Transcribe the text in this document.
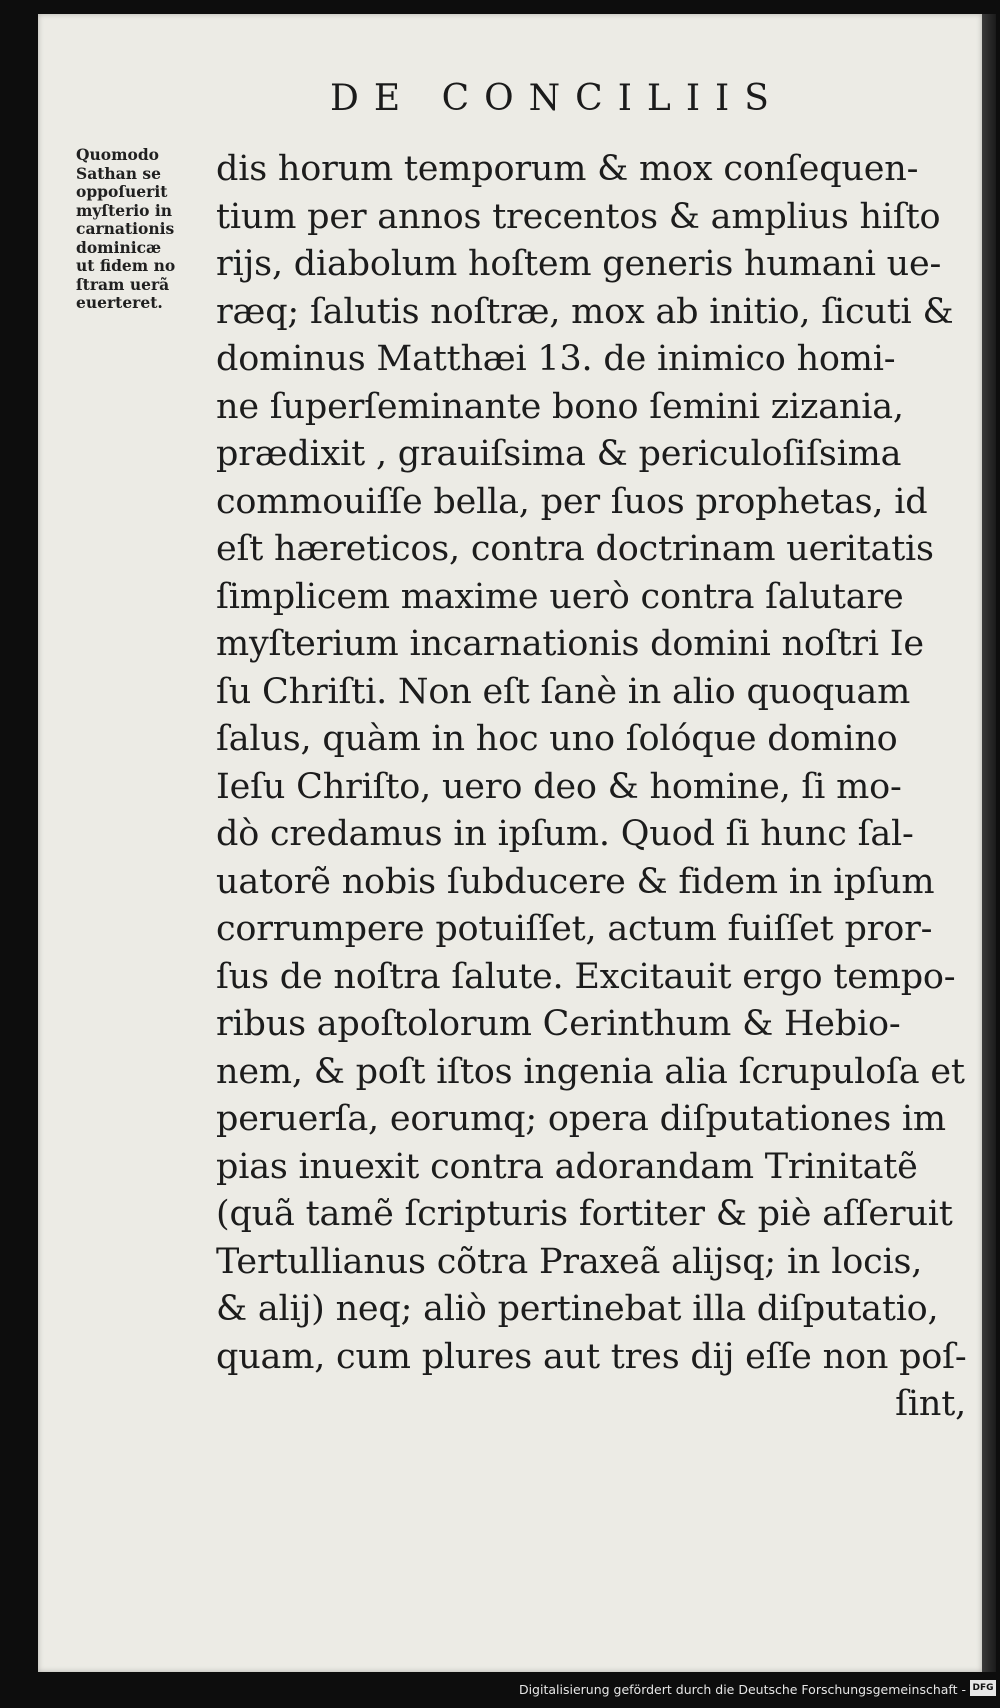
DE CONCILIIS
Quomodo
Sathan se
oppoſuerit
myſterio in
carnationis
dominicæ
ut fidem no
ſtram uerã
euerteret.
dis horum temporum & mox conſequen-
tium per annos trecentos & amplius hiſto
rijs, diabolum hoſtem generis humani ue-
ræq; ſalutis noſtræ, mox ab initio, ſicuti &
dominus Matthæi 13. de inimico homi-
ne ſuperſeminante bono ſemini zizania,
prædixit , grauiſsima & periculoſiſsima
commouiſſe bella, per ſuos prophetas, id
eſt hæreticos, contra doctrinam ueritatis
ſimplicem maxime uerò contra ſalutare
myſterium incarnationis domini noſtri Ie
ſu Chriſti. Non eſt ſanè in alio quoquam
ſalus, quàm in hoc uno ſolóque domino
Ieſu Chriſto, uero deo & homine, ſi mo-
dò credamus in ipſum. Quod ſi hunc ſal-
uatorẽ nobis ſubducere & fidem in ipſum
corrumpere potuiſſet, actum fuiſſet pror-
ſus de noſtra ſalute. Excitauit ergo tempo-
ribus apoſtolorum Cerinthum & Hebio-
nem, & poſt iſtos ingenia alia ſcrupuloſa et
peruerſa, eorumq; opera diſputationes im
pias inuexit contra adorandam Trinitatẽ
(quã tamẽ ſcripturis fortiter & piè aſſeruit
Tertullianus cõtra Praxeã alijsq; in locis,
& alij) neq; aliò pertinebat illa diſputatio,
quam, cum plures aut tres dij eſſe non poſ-
ſint,
Digitalisierung gefördert durch die Deutsche Forschungsgemeinschaft - DFG
